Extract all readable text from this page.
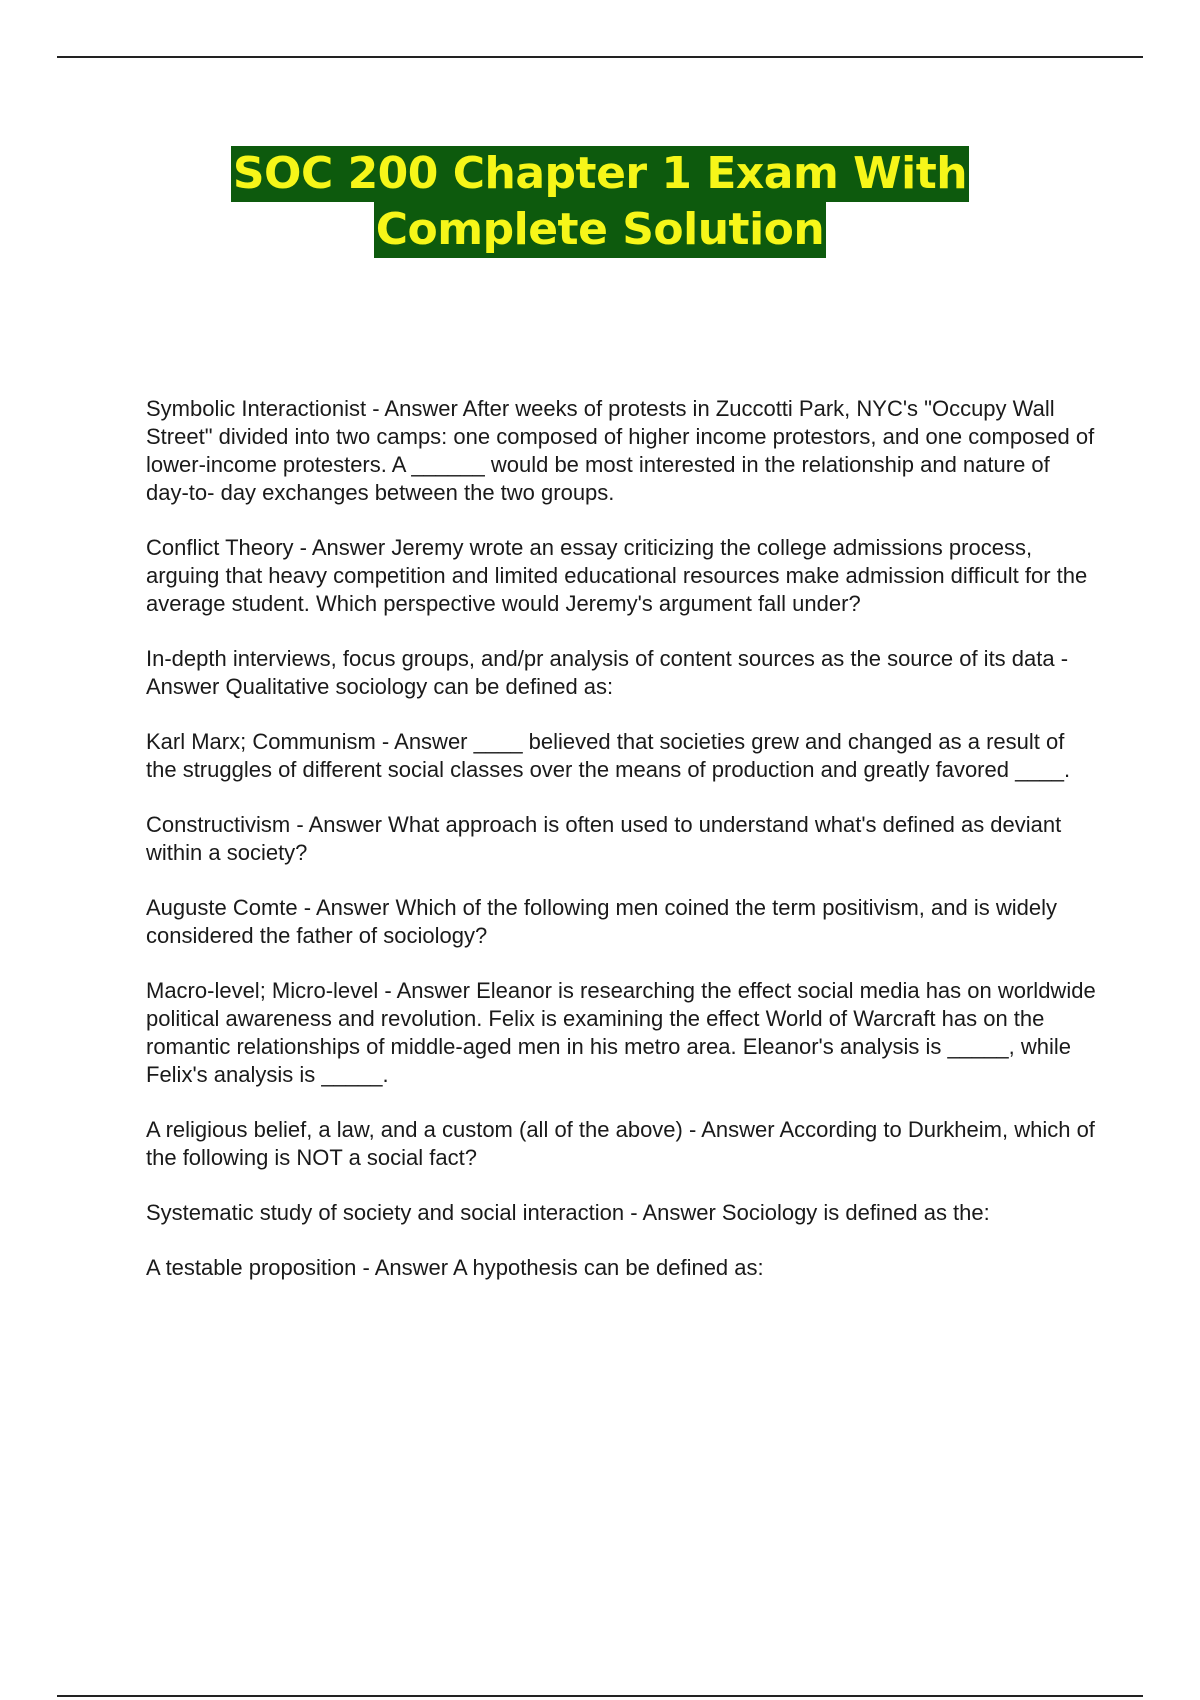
SOC 200 Chapter 1 Exam With
Complete Solution

Symbolic Interactionist - Answer After weeks of protests in Zuccotti Park, NYC's "Occupy Wall Street" divided into two camps: one composed of higher income protestors, and one composed of lower-income protesters. A ______ would be most interested in the relationship and nature of day-to- day exchanges between the two groups.

Conflict Theory - Answer Jeremy wrote an essay criticizing the college admissions process, arguing that heavy competition and limited educational resources make admission difficult for the average student. Which perspective would Jeremy's argument fall under?

In-depth interviews, focus groups, and/pr analysis of content sources as the source of its data - Answer Qualitative sociology can be defined as:

Karl Marx; Communism - Answer ____ believed that societies grew and changed as a result of the struggles of different social classes over the means of production and greatly favored ____.

Constructivism - Answer What approach is often used to understand what's defined as deviant within a society?

Auguste Comte - Answer Which of the following men coined the term positivism, and is widely considered the father of sociology?

Macro-level; Micro-level - Answer Eleanor is researching the effect social media has on worldwide political awareness and revolution. Felix is examining the effect World of Warcraft has on the romantic relationships of middle-aged men in his metro area. Eleanor's analysis is _____, while Felix's analysis is _____.

A religious belief, a law, and a custom (all of the above) - Answer According to Durkheim, which of the following is NOT a social fact?

Systematic study of society and social interaction - Answer Sociology is defined as the:

A testable proposition - Answer A hypothesis can be defined as:
